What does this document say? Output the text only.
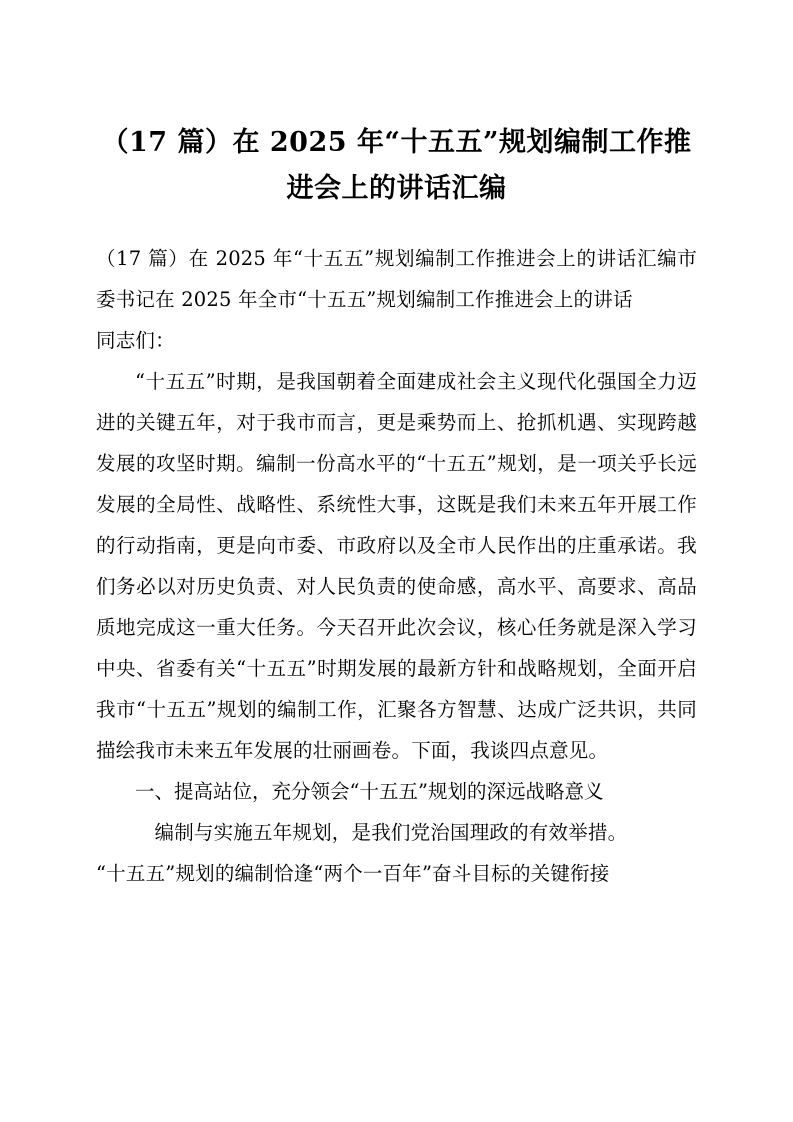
（17 篇）在 2025 年“十五五”规划编制工作推进会上的讲话汇编

（17 篇）在 2025 年“十五五”规划编制工作推进会上的讲话汇编市委书记在 2025 年全市“十五五”规划编制工作推进会上的讲话

同志们：

“十五五”时期，是我国朝着全面建成社会主义现代化强国全力迈进的关键五年，对于我市而言，更是乘势而上、抢抓机遇、实现跨越发展的攻坚时期。编制一份高水平的“十五五”规划，是一项关乎长远发展的全局性、战略性、系统性大事，这既是我们未来五年开展工作的行动指南，更是向市委、市政府以及全市人民作出的庄重承诺。我们务必以对历史负责、对人民负责的使命感，高水平、高要求、高品质地完成这一重大任务。今天召开此次会议，核心任务就是深入学习中央、省委有关“十五五”时期发展的最新方针和战略规划，全面开启我市“十五五”规划的编制工作，汇聚各方智慧、达成广泛共识，共同描绘我市未来五年发展的壮丽画卷。下面，我谈四点意见。

一、提高站位，充分领会“十五五”规划的深远战略意义

编制与实施五年规划，是我们党治国理政的有效举措。

“十五五”规划的编制恰逢“两个一百年”奋斗目标的关键衔接
